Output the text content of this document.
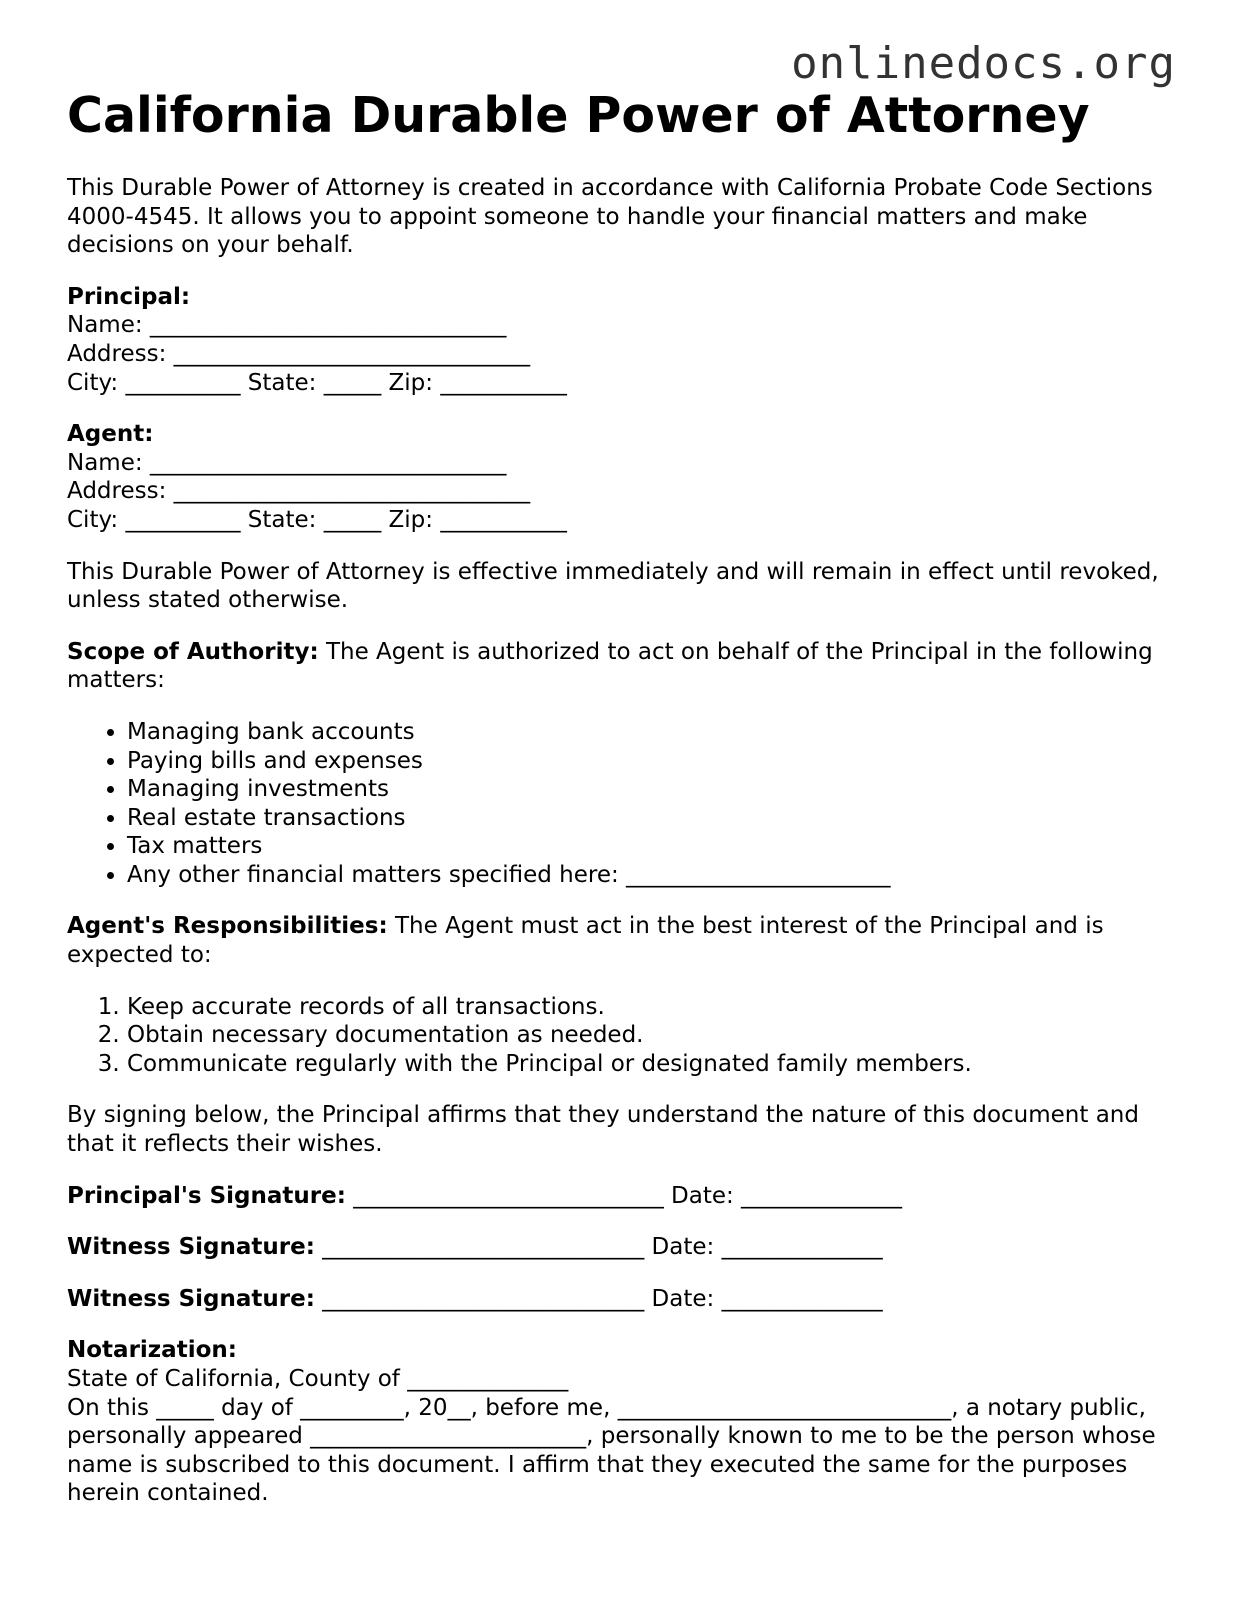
onlinedocs.org
California Durable Power of Attorney

This Durable Power of Attorney is created in accordance with California Probate Code Sections 4000-4545. It allows you to appoint someone to handle your financial matters and make decisions on your behalf.

Principal:

Name: _______________________________

Address: _______________________________

City: __________ State: _____ Zip: ___________

Agent:

Name: _______________________________

Address: _______________________________

City: __________ State: _____ Zip: ___________

This Durable Power of Attorney is effective immediately and will remain in effect until revoked, unless stated otherwise.

Scope of Authority: The Agent is authorized to act on behalf of the Principal in the following matters:

• Managing bank accounts
• Paying bills and expenses
• Managing investments
• Real estate transactions
• Tax matters
• Any other financial matters specified here: _______________________

Agent's Responsibilities: The Agent must act in the best interest of the Principal and is expected to:

1. Keep accurate records of all transactions.
2. Obtain necessary documentation as needed.
3. Communicate regularly with the Principal or designated family members.

By signing below, the Principal affirms that they understand the nature of this document and that it reflects their wishes.

Principal's Signature: ___________________________ Date: ______________

Witness Signature: ____________________________ Date: ______________

Witness Signature: ____________________________ Date: ______________

Notarization:

State of California, County of ______________

On this _____ day of _________, 20__, before me, _____________________________, a notary public, personally appeared ________________________, personally known to me to be the person whose name is subscribed to this document. I affirm that they executed the same for the purposes herein contained.
